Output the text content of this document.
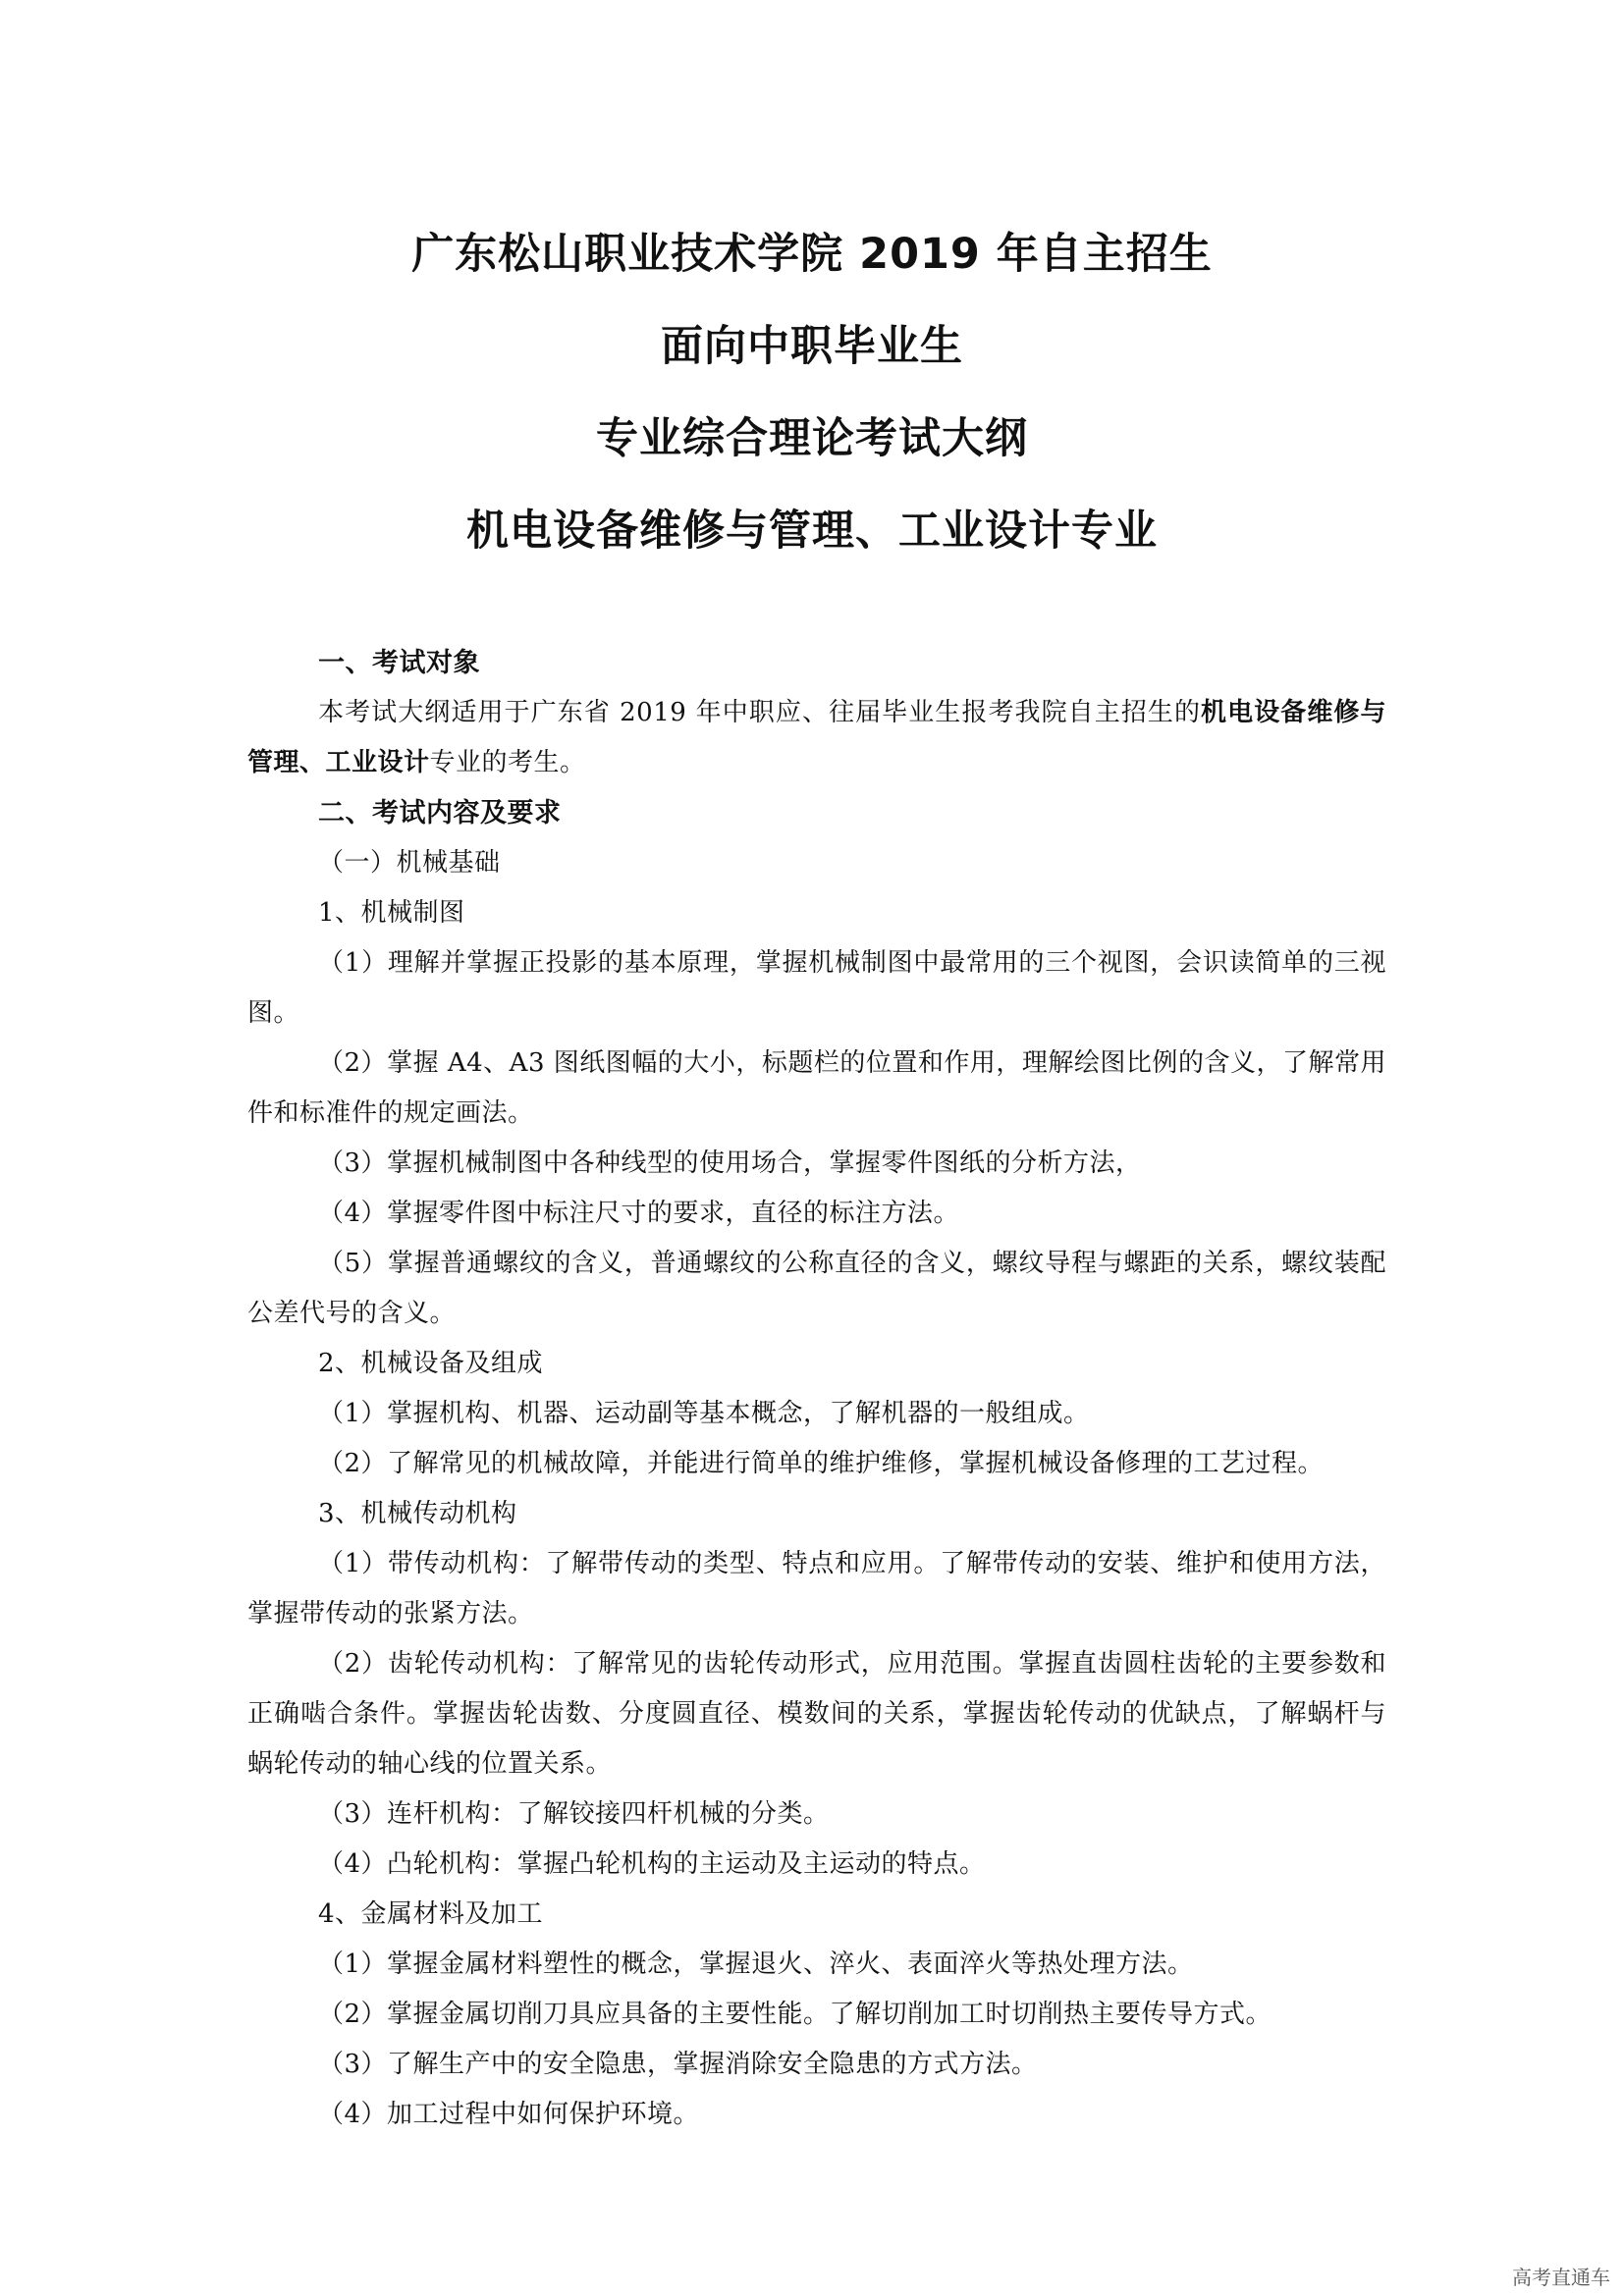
广东松山职业技术学院 2019 年自主招生
面向中职毕业生
专业综合理论考试大纲
机电设备维修与管理、工业设计专业

一、考试对象

本考试大纲适用于广东省 2019 年中职应、往届毕业生报考我院自主招生的机电设备维修与管理、工业设计专业的考生。

二、考试内容及要求

（一）机械基础

1、机械制图

（1）理解并掌握正投影的基本原理，掌握机械制图中最常用的三个视图，会识读简单的三视图。

（2）掌握 A4、A3 图纸图幅的大小，标题栏的位置和作用，理解绘图比例的含义，了解常用件和标准件的规定画法。

（3）掌握机械制图中各种线型的使用场合，掌握零件图纸的分析方法，

（4）掌握零件图中标注尺寸的要求，直径的标注方法。

（5）掌握普通螺纹的含义，普通螺纹的公称直径的含义，螺纹导程与螺距的关系，螺纹装配公差代号的含义。

2、机械设备及组成

（1）掌握机构、机器、运动副等基本概念，了解机器的一般组成。

（2）了解常见的机械故障，并能进行简单的维护维修，掌握机械设备修理的工艺过程。

3、机械传动机构

（1）带传动机构：了解带传动的类型、特点和应用。了解带传动的安装、维护和使用方法，掌握带传动的张紧方法。

（2）齿轮传动机构：了解常见的齿轮传动形式，应用范围。掌握直齿圆柱齿轮的主要参数和正确啮合条件。掌握齿轮齿数、分度圆直径、模数间的关系，掌握齿轮传动的优缺点，了解蜗杆与蜗轮传动的轴心线的位置关系。

（3）连杆机构：了解铰接四杆机械的分类。

（4）凸轮机构：掌握凸轮机构的主运动及主运动的特点。

4、金属材料及加工

（1）掌握金属材料塑性的概念，掌握退火、淬火、表面淬火等热处理方法。

（2）掌握金属切削刀具应具备的主要性能。了解切削加工时切削热主要传导方式。

（3）了解生产中的安全隐患，掌握消除安全隐患的方式方法。

（4）加工过程中如何保护环境。

高考直通车
